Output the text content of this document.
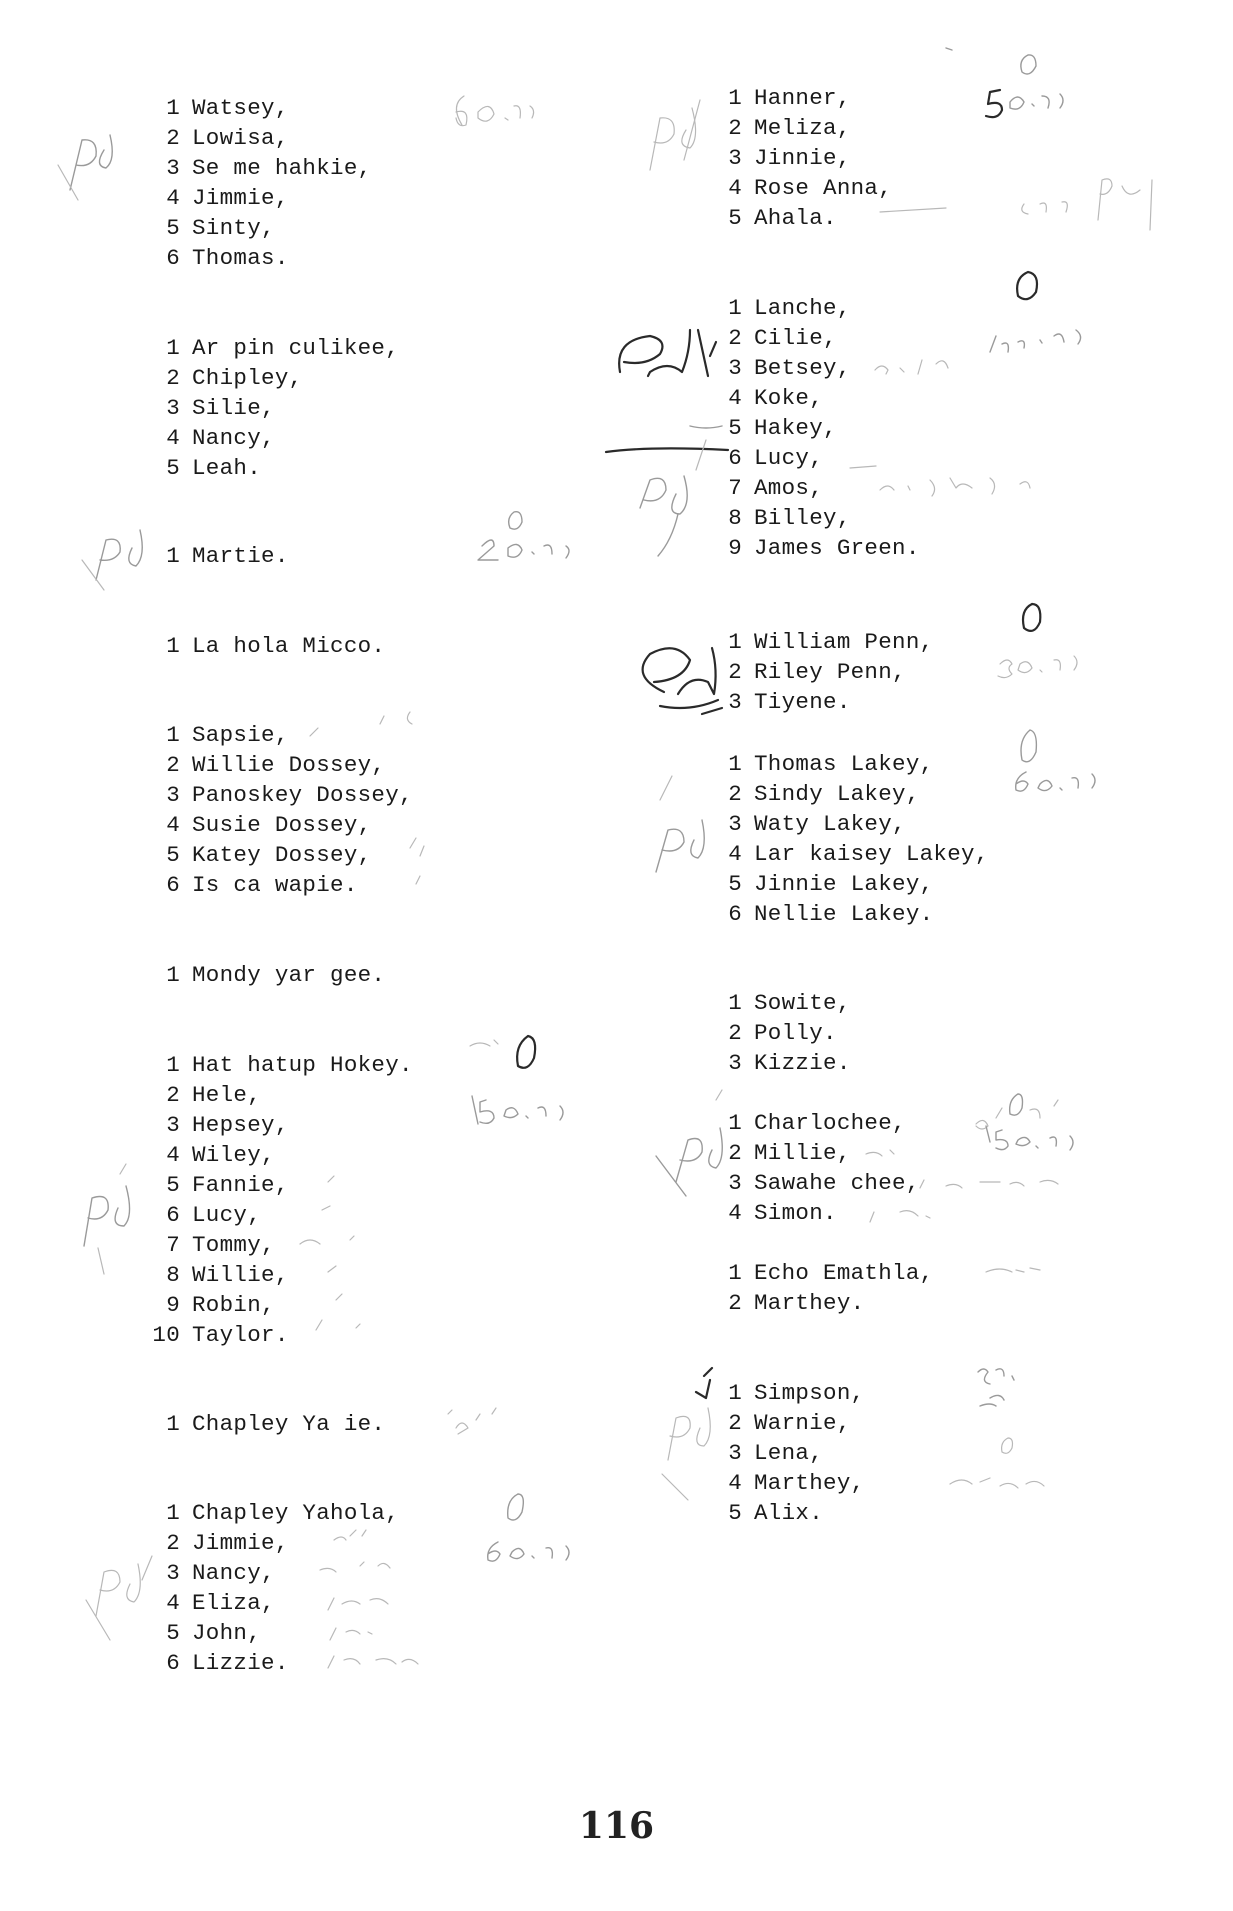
1 Watsey,
2 Lowisa,
3 Se me hahkie,
4 Jimmie,
5 Sinty,
6 Thomas.
1 Ar pin culikee,
2 Chipley,
3 Silie,
4 Nancy,
5 Leah.
1 Martie.
1 La hola Micco.
1 Sapsie,
2 Willie Dossey,
3 Panoskey Dossey,
4 Susie Dossey,
5 Katey Dossey,
6 Is ca wapie.
1 Mondy yar gee.
1 Hat hatup Hokey.
2 Hele,
3 Hepsey,
4 Wiley,
5 Fannie,
6 Lucy,
7 Tommy,
8 Willie,
9 Robin,
10 Taylor.
1 Chapley Ya ie.
1 Chapley Yahola,
2 Jimmie,
3 Nancy,
4 Eliza,
5 John,
6 Lizzie.
1 Hanner,
2 Meliza,
3 Jinnie,
4 Rose Anna,
5 Ahala.
1 Lanche,
2 Cilie,
3 Betsey,
4 Koke,
5 Hakey,
6 Lucy,
7 Amos,
8 Billey,
9 James Green.
1 William Penn,
2 Riley Penn,
3 Tiyene.
1 Thomas Lakey,
2 Sindy Lakey,
3 Waty Lakey,
4 Lar kaisey Lakey,
5 Jinnie Lakey,
6 Nellie Lakey.
1 Sowite,
2 Polly.
3 Kizzie.
1 Charlochee,
2 Millie,
3 Sawahe chee,
4 Simon.
1 Echo Emathla,
2 Marthey.
1 Simpson,
2 Warnie,
3 Lena,
4 Marthey,
5 Alix.
116
